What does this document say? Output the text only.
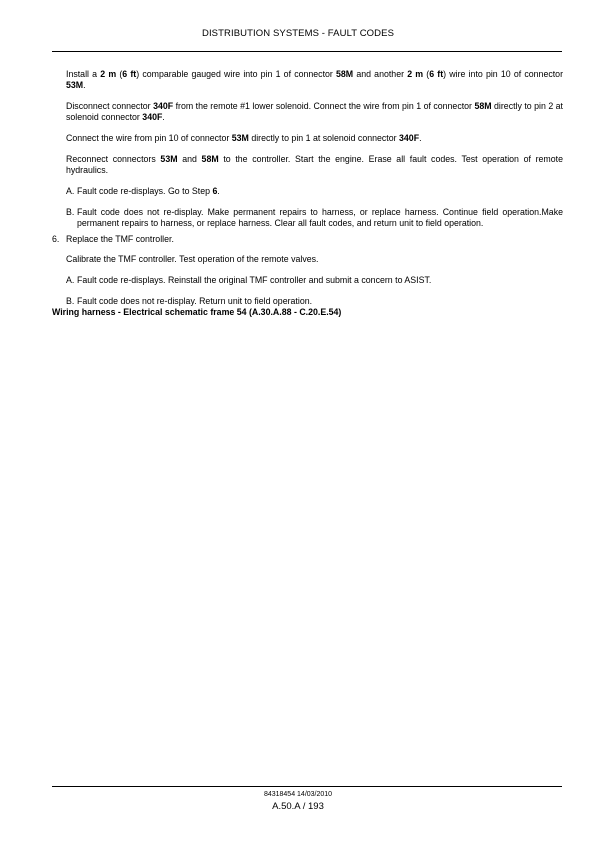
DISTRIBUTION SYSTEMS - FAULT CODES

Install a 2 m (6 ft) comparable gauged wire into pin 1 of connector 58M and another 2 m (6 ft) wire into pin 10 of connector 53M.

Disconnect connector 340F from the remote #1 lower solenoid. Connect the wire from pin 1 of connector 58M directly to pin 2 at solenoid connector 340F.

Connect the wire from pin 10 of connector 53M directly to pin 1 at solenoid connector 340F.

Reconnect connectors 53M and 58M to the controller. Start the engine. Erase all fault codes. Test operation of remote hydraulics.

A. Fault code re-displays. Go to Step 6.
B. Fault code does not re-display. Make permanent repairs to harness, or replace harness. Continue field operation.Make permanent repairs to harness, or replace harness. Clear all fault codes, and return unit to field operation.
6. Replace the TMF controller.

Calibrate the TMF controller. Test operation of the remote valves.

A. Fault code re-displays. Reinstall the original TMF controller and submit a concern to ASIST.
B. Fault code does not re-display. Return unit to field operation.

Wiring harness - Electrical schematic frame 54 (A.30.A.88 - C.20.E.54)

84318454 14/03/2010
A.50.A / 193
